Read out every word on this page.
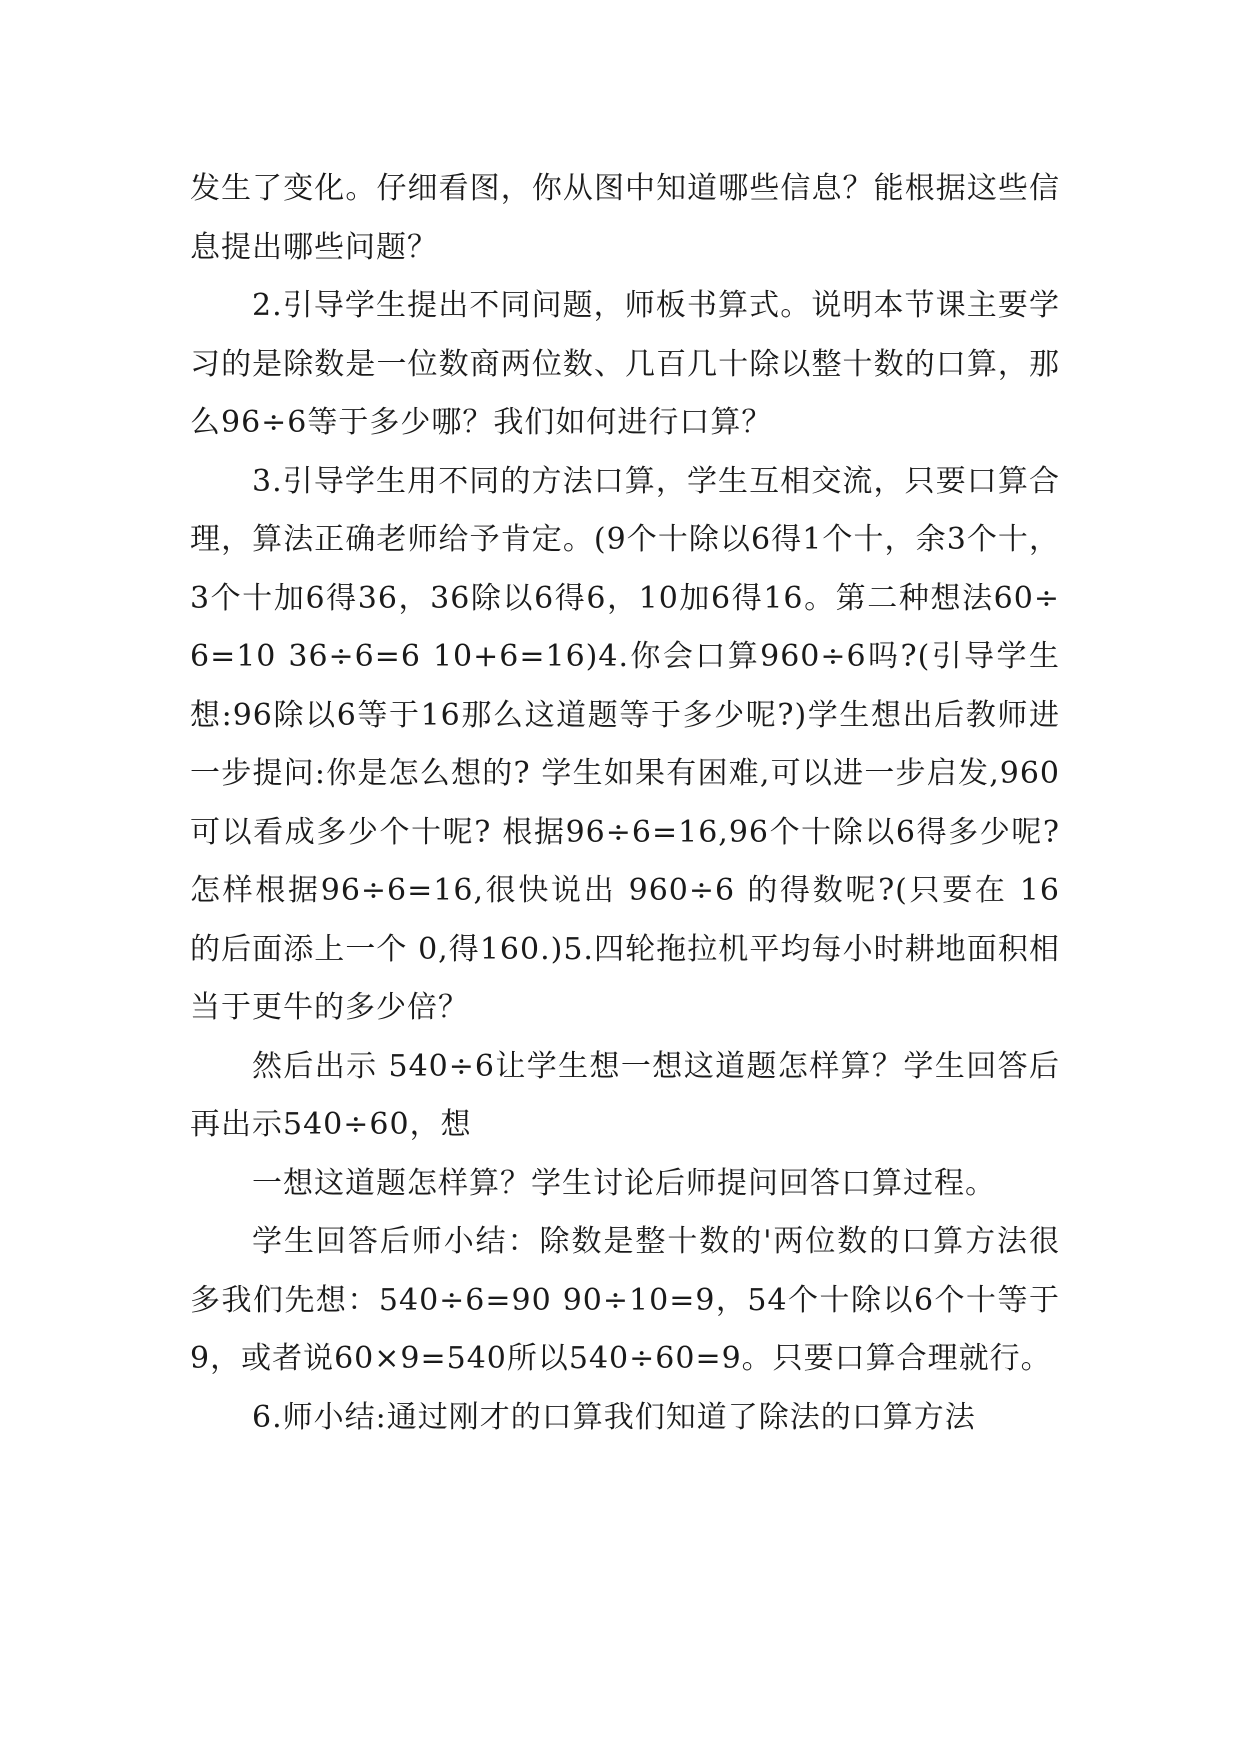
发生了变化。仔细看图，你从图中知道哪些信息？能根据这些信息提出哪些问题？

2.引导学生提出不同问题，师板书算式。说明本节课主要学习的是除数是一位数商两位数、几百几十除以整十数的口算，那么96÷6等于多少哪？我们如何进行口算？

3.引导学生用不同的方法口算，学生互相交流，只要口算合理，算法正确老师给予肯定。(9个十除以6得1个十，余3个十，3个十加6得36，36除以6得6，10加6得16。第二种想法60÷ 6=10 36÷6=6 10+6=16)4.你会口算960÷6吗?(引导学生想:96除以6等于16那么这道题等于多少呢?)学生想出后教师进一步提问:你是怎么想的? 学生如果有困难,可以进一步启发,960 可以看成多少个十呢? 根据96÷6=16,96个十除以6得多少呢? 怎样根据96÷6=16,很快说出 960÷6 的得数呢?(只要在 16 的后面添上一个 0,得160.)5.四轮拖拉机平均每小时耕地面积相当于更牛的多少倍？

然后出示 540÷6让学生想一想这道题怎样算？学生回答后再出示540÷60，想

一想这道题怎样算？学生讨论后师提问回答口算过程。

学生回答后师小结：除数是整十数的'两位数的口算方法很多我们先想：540÷6=90 90÷10=9，54个十除以6个十等于9，或者说60×9=540所以540÷60=9。只要口算合理就行。

6.师小结:通过刚才的口算我们知道了除法的口算方法
